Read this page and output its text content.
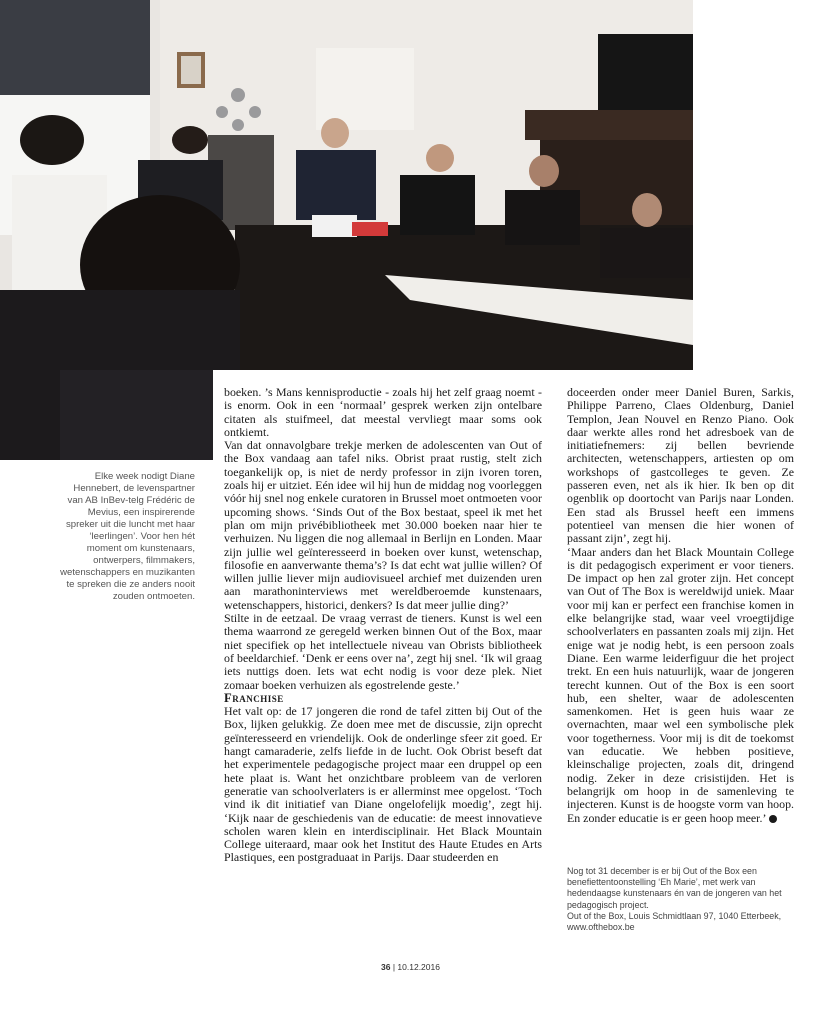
Elke week nodigt Diane Hennebert, de levenspartner van AB InBev-telg Frédéric de Mevius, een inspirerende spreker uit die luncht met haar ‘leerlingen’. Voor hen hét moment om kunstenaars, ontwerpers, filmmakers, wetenschappers en muzikanten te spreken die ze anders nooit zouden ontmoeten.

boeken. ’s Mans kennisproductie - zoals hij het zelf graag noemt - is enorm. Ook in een ‘normaal’ gesprek werken zijn ontelbare citaten als stuifmeel, dat meestal vervliegt maar soms ook ontkiemt.

Van dat onnavolgbare trekje merken de adolescenten van Out of the Box vandaag aan tafel niks. Obrist praat rustig, stelt zich toegankelijk op, is niet de nerdy professor in zijn ivoren toren, zoals hij er uitziet. Eén idee wil hij hun de middag nog voorleggen vóór hij snel nog enkele curatoren in Brussel moet ontmoeten voor upcoming shows. ‘Sinds Out of the Box bestaat, speel ik met het plan om mijn privébibliotheek met 30.000 boeken naar hier te verhuizen. Nu liggen die nog allemaal in Berlijn en Londen. Maar zijn jullie wel geïnteresseerd in boeken over kunst, wetenschap, filosofie en aanverwante thema’s? Is dat echt wat jullie willen? Of willen jullie liever mijn audiovisueel archief met duizenden uren aan marathoninterviews met wereldberoemde kunstenaars, wetenschappers, historici, denkers? Is dat meer jullie ding?’

Stilte in de eetzaal. De vraag verrast de tieners. Kunst is wel een thema waarrond ze geregeld werken binnen Out of the Box, maar niet specifiek op het intellectuele niveau van Obrists bibliotheek of beeldarchief. ‘Denk er eens over na’, zegt hij snel. ‘Ik wil graag iets nuttigs doen. Iets wat echt nodig is voor deze plek. Niet zomaar boeken verhuizen als egostrelende geste.’

Franchise

Het valt op: de 17 jongeren die rond de tafel zitten bij Out of the Box, lijken gelukkig. Ze doen mee met de discussie, zijn oprecht geïnteresseerd en vriendelijk. Ook de onderlinge sfeer zit goed. Er hangt camaraderie, zelfs liefde in de lucht. Ook Obrist beseft dat het experimentele pedagogische project maar een druppel op een hete plaat is. Want het onzichtbare probleem van de verloren generatie van schoolverlaters is er allerminst mee opgelost. ‘Toch vind ik dit initiatief van Diane ongelofelijk moedig’, zegt hij. ‘Kijk naar de geschiedenis van de educatie: de meest innovatieve scholen waren klein en interdisciplinair. Het Black Mountain College uiteraard, maar ook het Institut des Haute Etudes en Arts Plastiques, een postgraduaat in Parijs. Daar studeerden en

doceerden onder meer Daniel Buren, Sarkis, Philippe Parreno, Claes Oldenburg, Daniel Templon, Jean Nouvel en Renzo Piano. Ook daar werkte alles rond het adresboek van de initiatiefnemers: zij bellen bevriende architecten, wetenschappers, artiesten op om workshops of gastcolleges te geven. Ze passeren even, net als ik hier. Ik ben op dit ogenblik op doortocht van Parijs naar Londen. Een stad als Brussel heeft een immens potentieel van mensen die hier wonen of passant zijn’, zegt hij.

‘Maar anders dan het Black Mountain College is dit pedagogisch experiment er voor tieners. De impact op hen zal groter zijn. Het concept van Out of The Box is wereldwijd uniek. Maar voor mij kan er perfect een franchise komen in elke belangrijke stad, waar veel vroegtijdige schoolverlaters en passanten zoals mij zijn. Het enige wat je nodig hebt, is een persoon zoals Diane. Een warme leiderfiguur die het project trekt. En een huis natuurlijk, waar de jongeren terecht kunnen. Out of the Box is een soort hub, een shelter, waar de adolescenten samenkomen. Het is geen huis waar ze overnachten, maar wel een symbolische plek voor togetherness. Voor mij is dit de toekomst van educatie. We hebben positieve, kleinschalige projecten, zoals dit, dringend nodig. Zeker in deze crisistijden. Het is belangrijk om hoop in de samenleving te injecteren. Kunst is de hoogste vorm van hoop. En zonder educatie is er geen hoop meer.’

Nog tot 31 december is er bij Out of the Box een benefiettentoonstelling ‘Eh Marie’, met werk van hedendaagse kunstenaars én van de jongeren van het pedagogisch project.

Out of the Box, Louis Schmidtlaan 97, 1040 Etterbeek, www.ofthebox.be

36 | 10.12.2016
